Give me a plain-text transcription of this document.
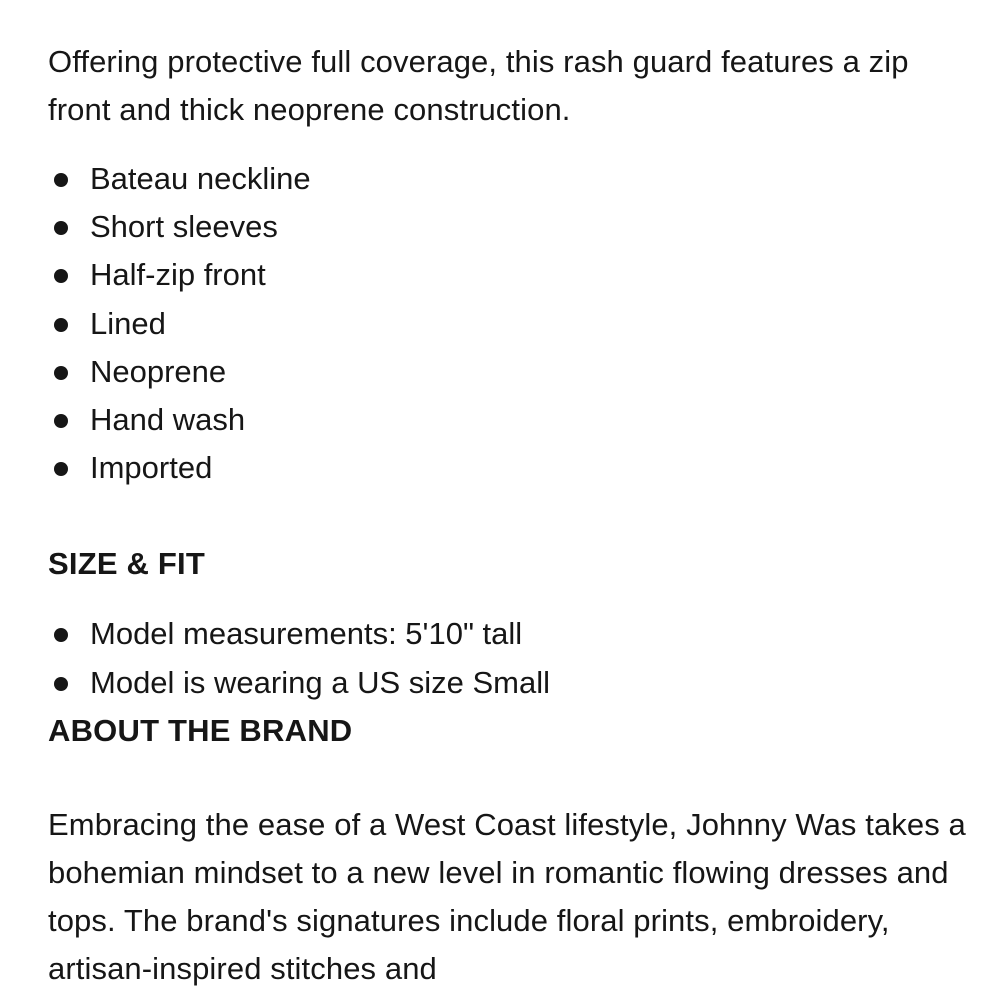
Offering protective full coverage, this rash guard features a zip front and thick neoprene construction.

Bateau neckline
Short sleeves
Half-zip front
Lined
Neoprene
Hand wash
Imported
SIZE & FIT
Model measurements: 5'10" tall
Model is wearing a US size Small
ABOUT THE BRAND

Embracing the ease of a West Coast lifestyle, Johnny Was takes a bohemian mindset to a new level in romantic flowing dresses and tops. The brand's signatures include floral prints, embroidery, artisan-inspired stitches and
